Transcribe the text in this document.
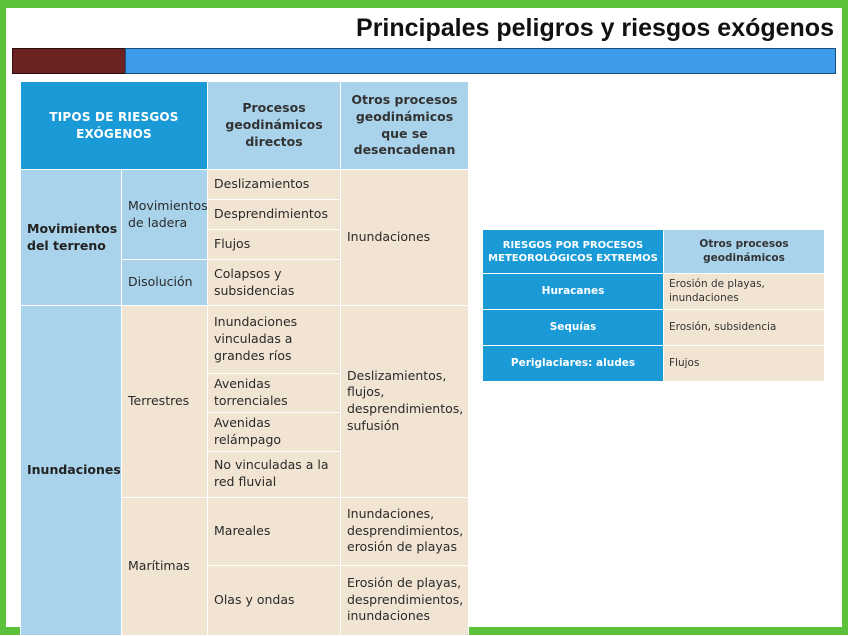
Principales peligros y riesgos exógenos
TIPOS DE RIESGOS EXÓGENOS		Procesos geodinámicos directos	Otros procesos geodinámicos que se desencadenan
Movimientos del terreno	Movimientos de ladera	Deslizamientos	Inundaciones
		Desprendimientos	
		Flujos	
	Disolución	Colapsos y subsidencias	
Inundaciones	Terrestres	Inundaciones vinculadas a grandes ríos	Deslizamientos, flujos, desprendimientos, sufusión
		Avenidas torrenciales	
		Avenidas relámpago	
		No vinculadas a la red fluvial	
	Marítimas	Mareales	Inundaciones, desprendimientos, erosión de playas
		Olas y ondas	Erosión de playas, desprendimientos, inundaciones
RIESGOS POR PROCESOS METEOROLÓGICOS EXTREMOS	Otros procesos geodinámicos
Huracanes	Erosión de playas, inundaciones
Sequías	Erosión, subsidencia
Periglaciares: aludes	Flujos
